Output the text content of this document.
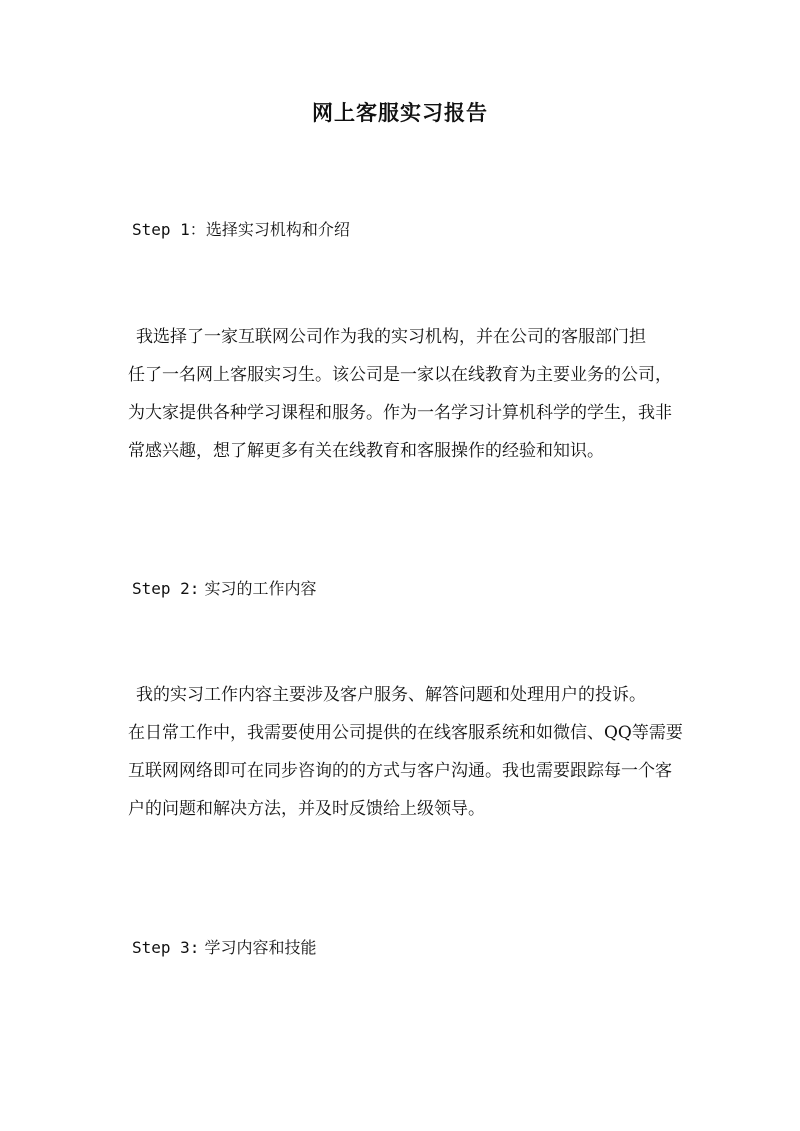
网上客服实习报告
Step 1：选择实习机构和介绍
我选择了一家互联网公司作为我的实习机构，并在公司的客服部门担
任了一名网上客服实习生。该公司是一家以在线教育为主要业务的公司，
为大家提供各种学习课程和服务。作为一名学习计算机科学的学生，我非
常感兴趣，想了解更多有关在线教育和客服操作的经验和知识。
Step 2: 实习的工作内容
我的实习工作内容主要涉及客户服务、解答问题和处理用户的投诉。
在日常工作中，我需要使用公司提供的在线客服系统和如微信、QQ等需要
互联网网络即可在同步咨询的的方式与客户沟通。我也需要跟踪每一个客
户的问题和解决方法，并及时反馈给上级领导。
Step 3: 学习内容和技能
